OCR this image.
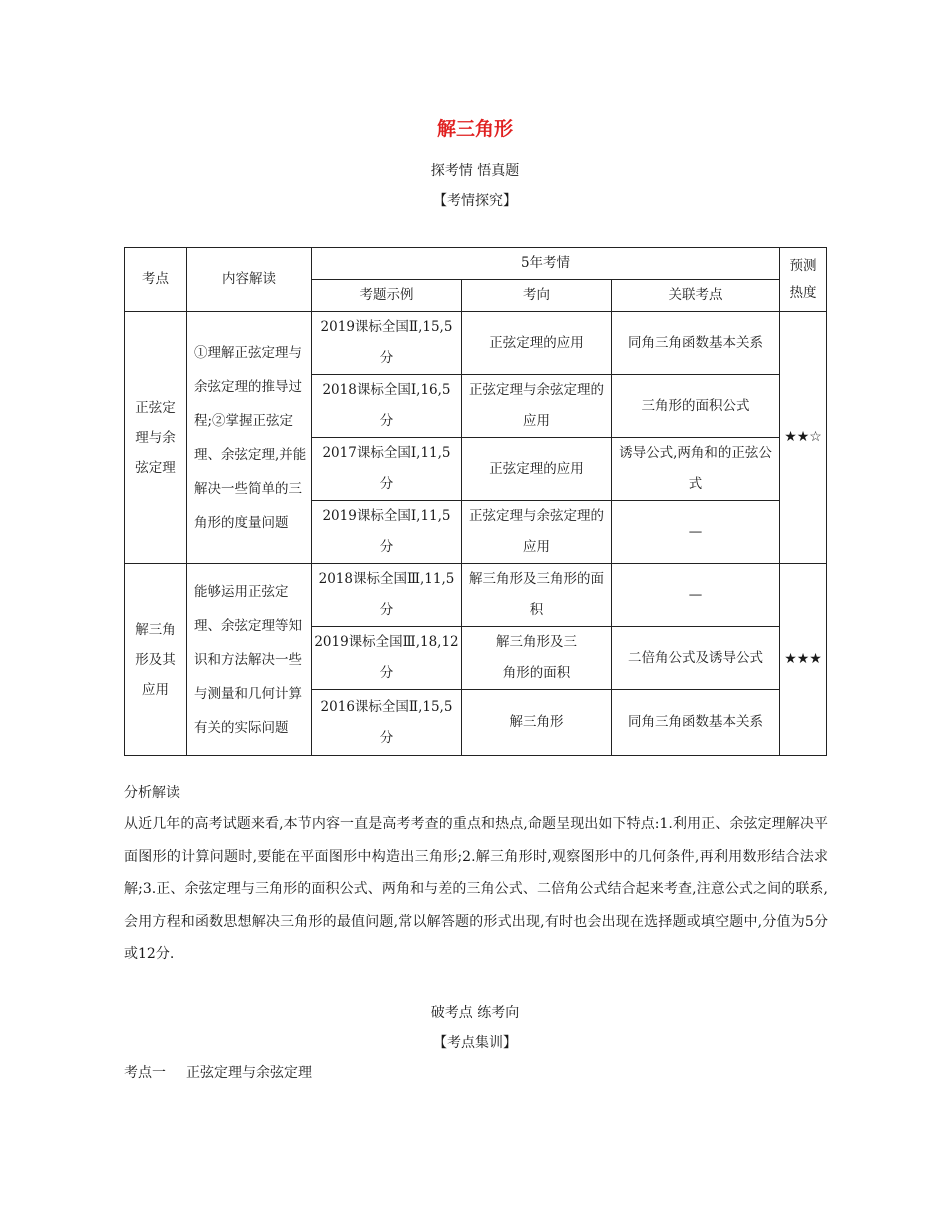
解三角形
探考情 悟真题
【考情探究】
考点	内容解读	5年考情			预测热度

		考题示例	考向	关联考点	

正弦定理与余弦定理	①理解正弦定理与余弦定理的推导过程;②掌握正弦定理、余弦定理,并能解决一些简单的三角形的度量问题	2019课标全国Ⅱ,15,5分	正弦定理的应用	同角三角函数基本关系	★★☆

		2018课标全国Ⅰ,16,5分	正弦定理与余弦定理的应用	三角形的面积公式	

		2017课标全国Ⅰ,11,5分	正弦定理的应用	诱导公式,两角和的正弦公式	

		2019课标全国Ⅰ,11,5分	正弦定理与余弦定理的应用	—	

解三角形及其应用	能够运用正弦定理、余弦定理等知识和方法解决一些与测量和几何计算有关的实际问题	2018课标全国Ⅲ,11,5分	解三角形及三角形的面积	—	★★★

		2019课标全国Ⅲ,18,12分	解三角形及三角形的面积	二倍角公式及诱导公式	

		2016课标全国Ⅱ,15,5分	解三角形	同角三角函数基本关系	
分析解读
从近几年的高考试题来看,本节内容一直是高考考查的重点和热点,命题呈现出如下特点:1.利用正、余弦定理解决平面图形的计算问题时,要能在平面图形中构造出三角形;2.解三角形时,观察图形中的几何条件,再利用数形结合法求解;3.正、余弦定理与三角形的面积公式、两角和与差的三角公式、二倍角公式结合起来考查,注意公式之间的联系,会用方程和函数思想解决三角形的最值问题,常以解答题的形式出现,有时也会出现在选择题或填空题中,分值为5分或12分.
破考点 练考向
【考点集训】
考点一 正弦定理与余弦定理
